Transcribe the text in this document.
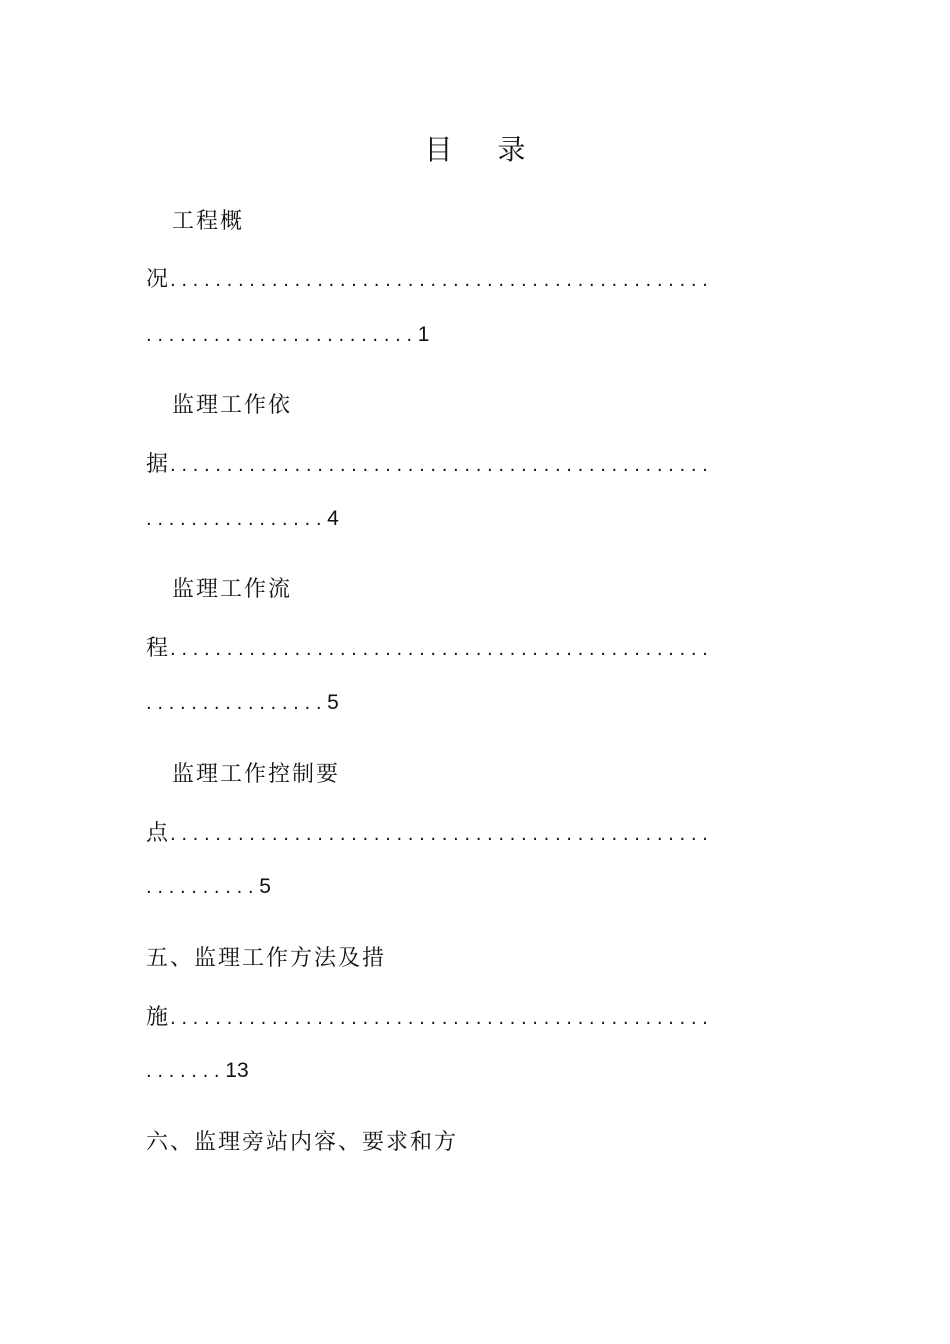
目 录
工程概
况................................................
........................1
监理工作依
据................................................
................4
监理工作流
程................................................
................5
监理工作控制要
点................................................
..........5
五、监理工作方法及措
施................................................
.......13
六、监理旁站内容、要求和方
